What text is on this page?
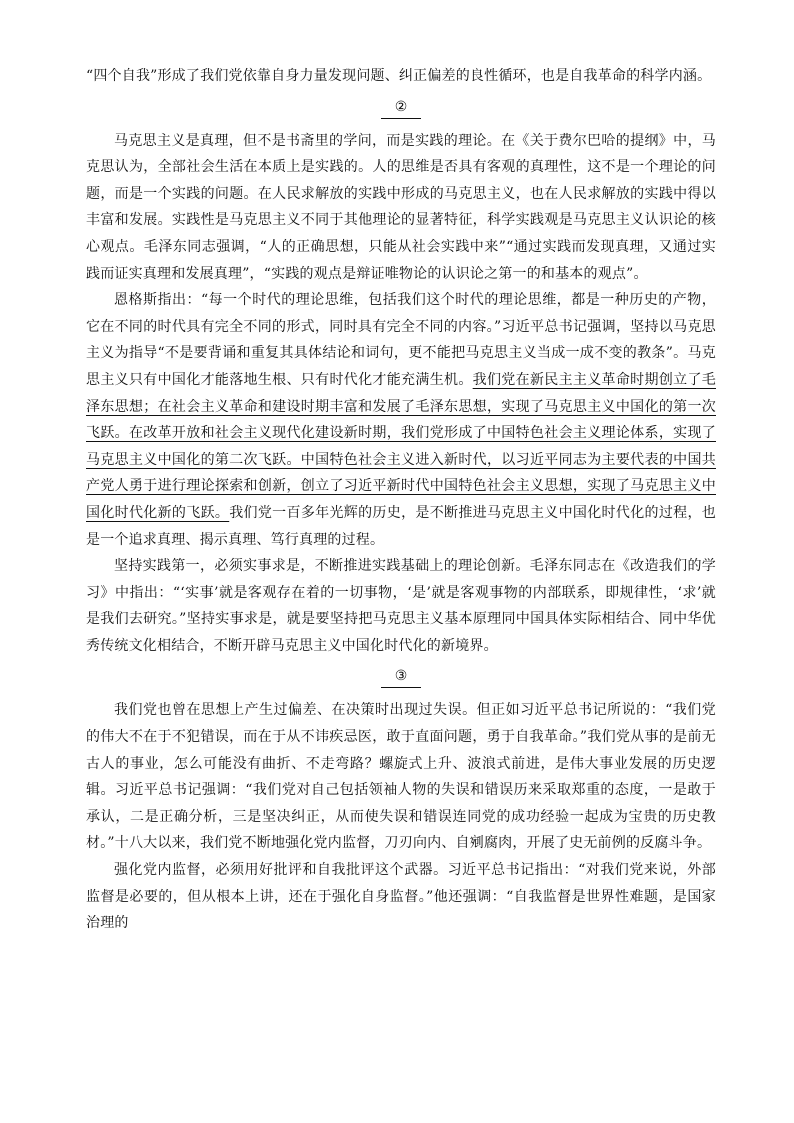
“四个自我”形成了我们党依靠自身力量发现问题、纠正偏差的良性循环，也是自我革命的科学内涵。

②

马克思主义是真理，但不是书斋里的学问，而是实践的理论。在《关于费尔巴哈的提纲》中，马克思认为，全部社会生活在本质上是实践的。人的思维是否具有客观的真理性，这不是一个理论的问题，而是一个实践的问题。在人民求解放的实践中形成的马克思主义，也在人民求解放的实践中得以丰富和发展。实践性是马克思主义不同于其他理论的显著特征，科学实践观是马克思主义认识论的核心观点。毛泽东同志强调，“人的正确思想，只能从社会实践中来”“通过实践而发现真理，又通过实践而证实真理和发展真理”，“实践的观点是辩证唯物论的认识论之第一的和基本的观点”。

恩格斯指出：“每一个时代的理论思维，包括我们这个时代的理论思维，都是一种历史的产物，它在不同的时代具有完全不同的形式，同时具有完全不同的内容。”习近平总书记强调，坚持以马克思主义为指导“不是要背诵和重复其具体结论和词句，更不能把马克思主义当成一成不变的教条”。马克思主义只有中国化才能落地生根、只有时代化才能充满生机。我们党在新民主主义革命时期创立了毛泽东思想；在社会主义革命和建设时期丰富和发展了毛泽东思想，实现了马克思主义中国化的第一次飞跃。在改革开放和社会主义现代化建设新时期，我们党形成了中国特色社会主义理论体系，实现了马克思主义中国化的第二次飞跃。中国特色社会主义进入新时代，以习近平同志为主要代表的中国共产党人勇于进行理论探索和创新，创立了习近平新时代中国特色社会主义思想，实现了马克思主义中国化时代化新的飞跃。我们党一百多年光辉的历史，是不断推进马克思主义中国化时代化的过程，也是一个追求真理、揭示真理、笃行真理的过程。

坚持实践第一，必须实事求是，不断推进实践基础上的理论创新。毛泽东同志在《改造我们的学习》中指出：“‘实事’就是客观存在着的一切事物，‘是’就是客观事物的内部联系，即规律性，‘求’就是我们去研究。”坚持实事求是，就是要坚持把马克思主义基本原理同中国具体实际相结合、同中华优秀传统文化相结合，不断开辟马克思主义中国化时代化的新境界。

③

我们党也曾在思想上产生过偏差、在决策时出现过失误。但正如习近平总书记所说的：“我们党的伟大不在于不犯错误，而在于从不讳疾忌医，敢于直面问题，勇于自我革命。”我们党从事的是前无古人的事业，怎么可能没有曲折、不走弯路？螺旋式上升、波浪式前进，是伟大事业发展的历史逻辑。习近平总书记强调：“我们党对自己包括领袖人物的失误和错误历来采取郑重的态度，一是敢于承认，二是正确分析，三是坚决纠正，从而使失误和错误连同党的成功经验一起成为宝贵的历史教材。”十八大以来，我们党不断地强化党内监督，刀刃向内、自剜腐肉，开展了史无前例的反腐斗争。

强化党内监督，必须用好批评和自我批评这个武器。习近平总书记指出：“对我们党来说，外部监督是必要的，但从根本上讲，还在于强化自身监督。”他还强调：“自我监督是世界性难题，是国家治理的
